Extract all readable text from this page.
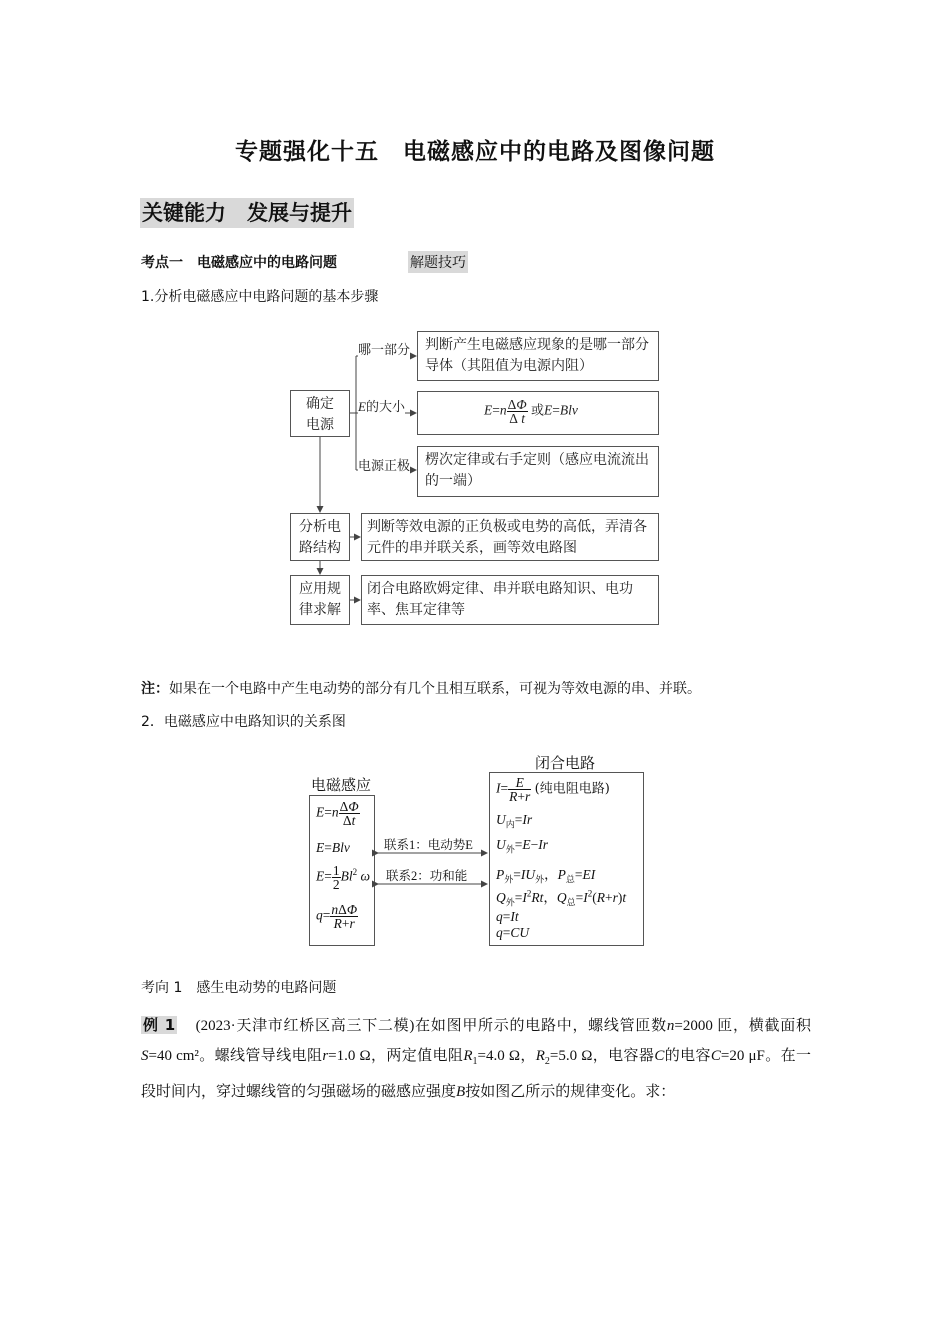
专题强化十五　电磁感应中的电路及图像问题
关键能力　发展与提升
考点一　电磁感应中的电路问题	解题技巧
1.分析电磁感应中电路问题的基本步骤
哪一部分
E的大小
电源正极
确定电源
判断产生电磁感应现象的是哪一部分导体（其阻值为电源内阻）
$E=n \frac{\Delta\Phi}{\text{Δ t}}$ 或E=Blv
楞次定律或右手定则（感应电流流出的一端）
分析电路结构
判断等效电源的正负极或电势的高低，弄清各元件的串并联关系，画等效电路图
应用规律求解
闭合电路欧姆定律、串并联电路知识、电功率、焦耳定律等
注：如果在一个电路中产生电动势的部分有几个且相互联系，可视为等效电源的串、并联。
2．电磁感应中电路知识的关系图
电磁感应
闭合电路
$E=n \frac{\Delta\Phi}{\Delta t}$
E=Blv
$E= \frac{1}{2} Bl^2$ ω
$q= \frac{\text{nΔΦ}}{R+r}$
$I= \frac{E}{R+r}$ (纯电阻电路)
$U_内=Ir$
$U_外=E-Ir$
$P_外=IU_外$，$P_总=EI$
$Q_外=I^2Rt$，$Q_总=I^2(R+r)t$
q=It
q=CU
联系1：电动势E
联系2：功和能
考向 1　感生电动势的电路问题
例 1 (2023·天津市红桥区高三下二模)在如图甲所示的电路中，螺线管匝数n=2000 匝，横截面积S=40 cm²。螺线管导线电阻r=1.0 Ω，两定值电阻$R_1=4.0$ Ω，$R_2=5.0$ Ω，电容器C的电容C=20 μF。在一段时间内，穿过螺线管的匀强磁场的磁感应强度B按如图乙所示的规律变化。求：
